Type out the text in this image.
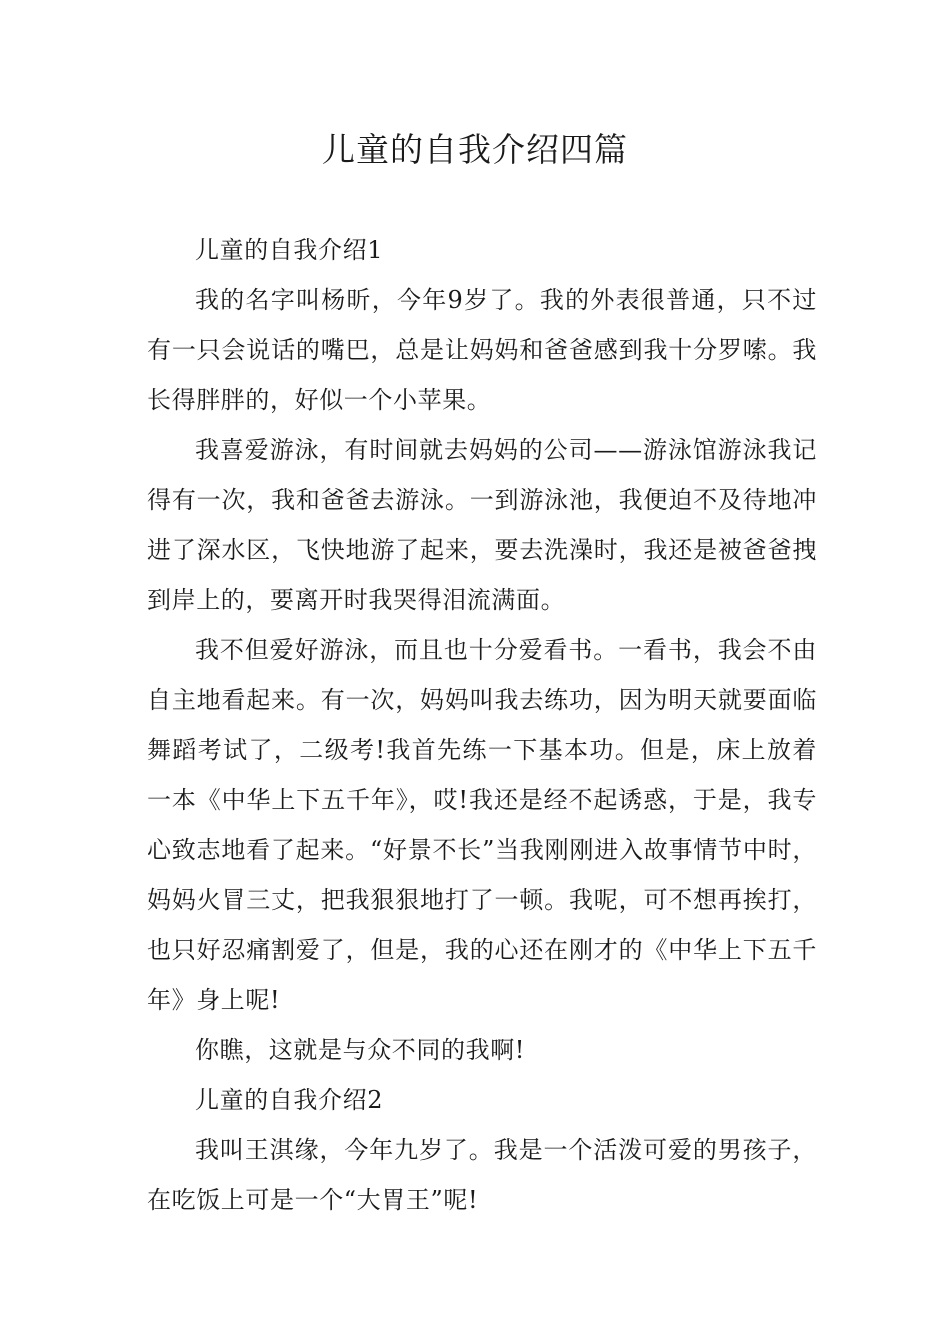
儿童的自我介绍四篇

儿童的自我介绍1

我的名字叫杨昕，今年9岁了。我的外表很普通，只不过有一只会说话的嘴巴，总是让妈妈和爸爸感到我十分罗嗦。我长得胖胖的，好似一个小苹果。

我喜爱游泳，有时间就去妈妈的公司——游泳馆游泳我记得有一次，我和爸爸去游泳。一到游泳池，我便迫不及待地冲进了深水区，飞快地游了起来，要去洗澡时，我还是被爸爸拽到岸上的，要离开时我哭得泪流满面。

我不但爱好游泳，而且也十分爱看书。一看书，我会不由自主地看起来。有一次，妈妈叫我去练功，因为明天就要面临舞蹈考试了，二级考!我首先练一下基本功。但是，床上放着一本《中华上下五千年》，哎!我还是经不起诱惑，于是，我专心致志地看了起来。“好景不长”当我刚刚进入故事情节中时，妈妈火冒三丈，把我狠狠地打了一顿。我呢，可不想再挨打，也只好忍痛割爱了，但是，我的心还在刚才的《中华上下五千年》身上呢!

你瞧，这就是与众不同的我啊!

儿童的自我介绍2

我叫王淇缘，今年九岁了。我是一个活泼可爱的男孩子，在吃饭上可是一个“大胃王”呢!
